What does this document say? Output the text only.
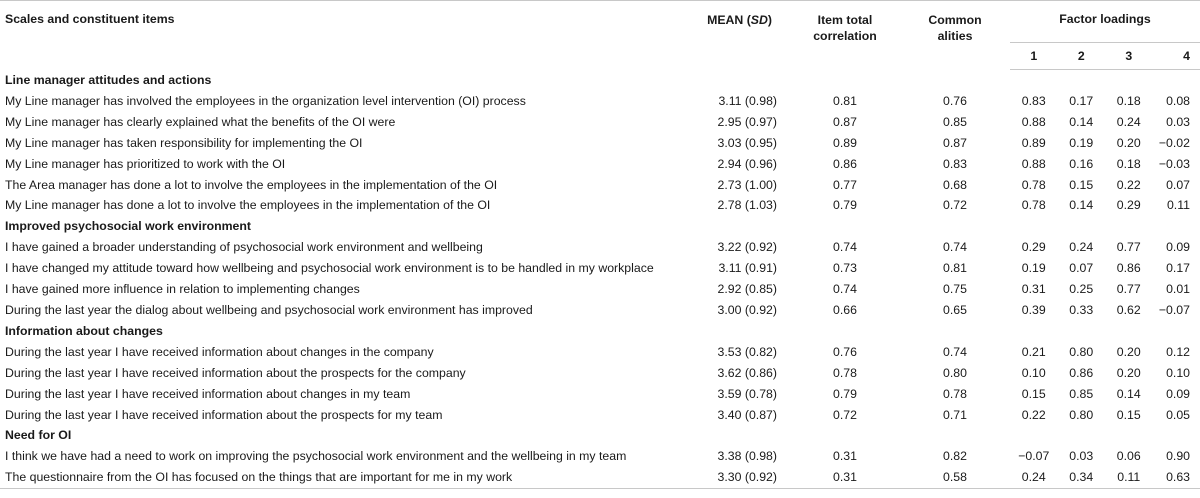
Scales and constituent items	MEAN (SD)	Item total correlation	Common alities	Factor loadings			
				1	2	3	4
Line manager attitudes and actions							
My Line manager has involved the employees in the organization level intervention (OI) process	3.11 (0.98)	0.81	0.76	0.83	0.17	0.18	0.08
My Line manager has clearly explained what the benefits of the OI were	2.95 (0.97)	0.87	0.85	0.88	0.14	0.24	0.03
My Line manager has taken responsibility for implementing the OI	3.03 (0.95)	0.89	0.87	0.89	0.19	0.20	−0.02
My Line manager has prioritized to work with the OI	2.94 (0.96)	0.86	0.83	0.88	0.16	0.18	−0.03
The Area manager has done a lot to involve the employees in the implementation of the OI	2.73 (1.00)	0.77	0.68	0.78	0.15	0.22	0.07
My Line manager has done a lot to involve the employees in the implementation of the OI	2.78 (1.03)	0.79	0.72	0.78	0.14	0.29	0.11
Improved psychosocial work environment							
I have gained a broader understanding of psychosocial work environment and wellbeing	3.22 (0.92)	0.74	0.74	0.29	0.24	0.77	0.09
I have changed my attitude toward how wellbeing and psychosocial work environment is to be handled in my workplace	3.11 (0.91)	0.73	0.81	0.19	0.07	0.86	0.17
I have gained more influence in relation to implementing changes	2.92 (0.85)	0.74	0.75	0.31	0.25	0.77	0.01
During the last year the dialog about wellbeing and psychosocial work environment has improved	3.00 (0.92)	0.66	0.65	0.39	0.33	0.62	−0.07
Information about changes							
During the last year I have received information about changes in the company	3.53 (0.82)	0.76	0.74	0.21	0.80	0.20	0.12
During the last year I have received information about the prospects for the company	3.62 (0.86)	0.78	0.80	0.10	0.86	0.20	0.10
During the last year I have received information about changes in my team	3.59 (0.78)	0.79	0.78	0.15	0.85	0.14	0.09
During the last year I have received information about the prospects for my team	3.40 (0.87)	0.72	0.71	0.22	0.80	0.15	0.05
Need for OI							
I think we have had a need to work on improving the psychosocial work environment and the wellbeing in my team	3.38 (0.98)	0.31	0.82	−0.07	0.03	0.06	0.90
The questionnaire from the OI has focused on the things that are important for me in my work	3.30 (0.92)	0.31	0.58	0.24	0.34	0.11	0.63
